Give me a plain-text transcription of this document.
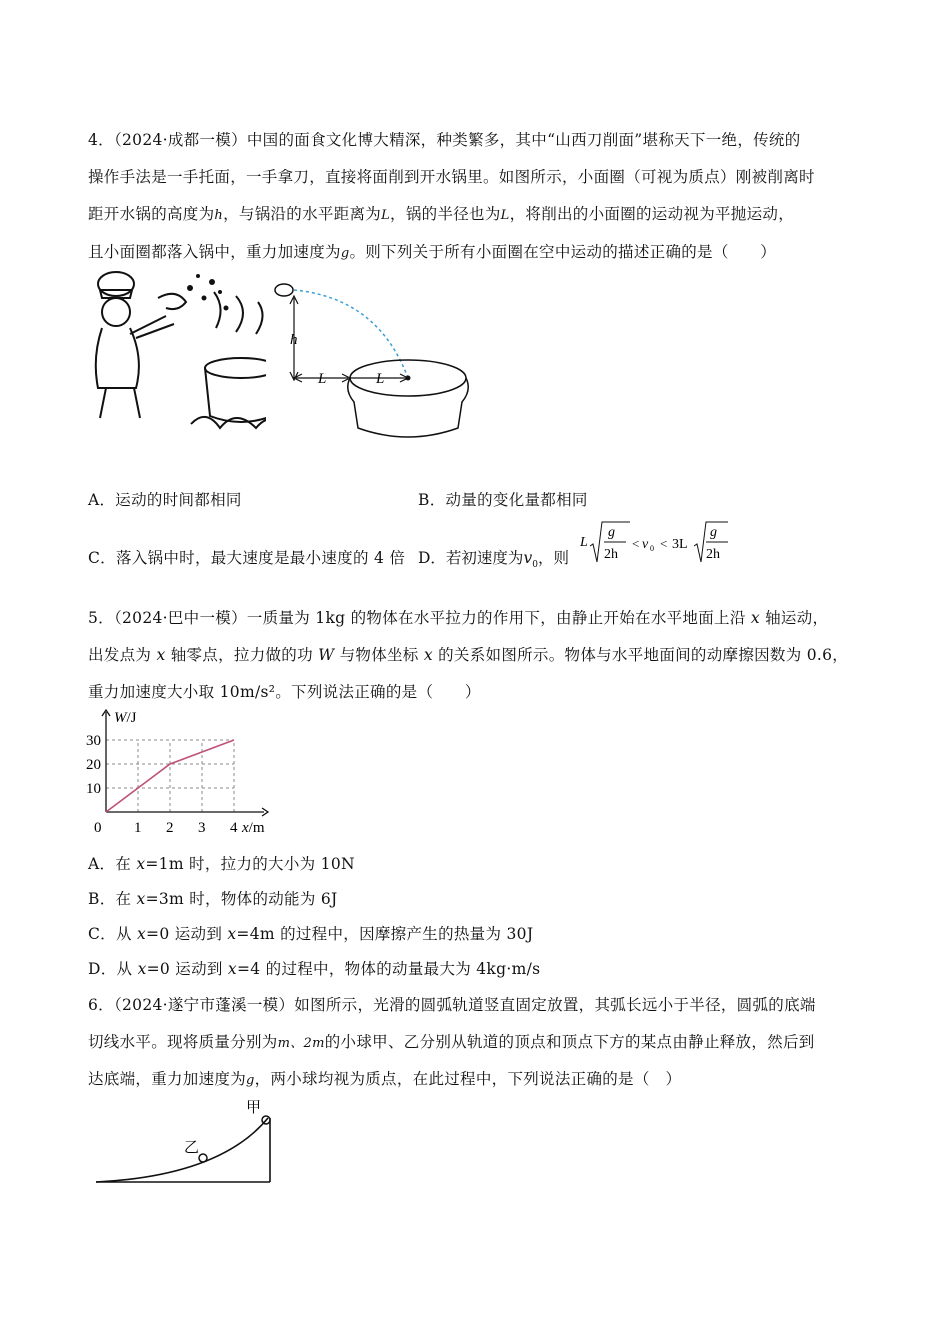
4．（2024·成都一模）中国的面食文化博大精深，种类繁多，其中“山西刀削面”堪称天下一绝，传统的
操作手法是一手托面，一手拿刀，直接将面削到开水锅里。如图所示，小面圈（可视为质点）刚被削离时
距开水锅的高度为h，与锅沿的水平距离为L，锅的半径也为L，将削出的小面圈的运动视为平抛运动，
且小面圈都落入锅中，重力加速度为g。则下列关于所有小面圈在空中运动的描述正确的是（　　）
h
L	L
A．运动的时间都相同	B．动量的变化量都相同
C．落入锅中时，最大速度是最小速度的 4 倍 D．若初速度为$v_0$，则
L
g
2h
< v 0 < 3L
g
2h
5．（2024·巴中一模）一质量为 1kg 的物体在水平拉力的作用下，由静止开始在水平地面上沿 x 轴运动，
出发点为 x 轴零点，拉力做的功 W 与物体坐标 x 的关系如图所示。物体与水平地面间的动摩擦因数为 0.6，
重力加速度大小取 10m/s²。下列说法正确的是（　　）
W/J
x/m
0 1 2 3 4
10
20
30
A．在 x=1m 时，拉力的大小为 10N
B．在 x=3m 时，物体的动能为 6J
C．从 x=0 运动到 x=4m 的过程中，因摩擦产生的热量为 30J
D．从 x=0 运动到 x=4 的过程中，物体的动量最大为 4kg·m/s
6．（2024·遂宁市蓬溪一模）如图所示，光滑的圆弧轨道竖直固定放置，其弧长远小于半径，圆弧的底端
切线水平。现将质量分别为m、2m的小球甲、乙分别从轨道的顶点和顶点下方的某点由静止释放，然后到
达底端，重力加速度为g，两小球均视为质点，在此过程中，下列说法正确的是（　）
甲
乙
